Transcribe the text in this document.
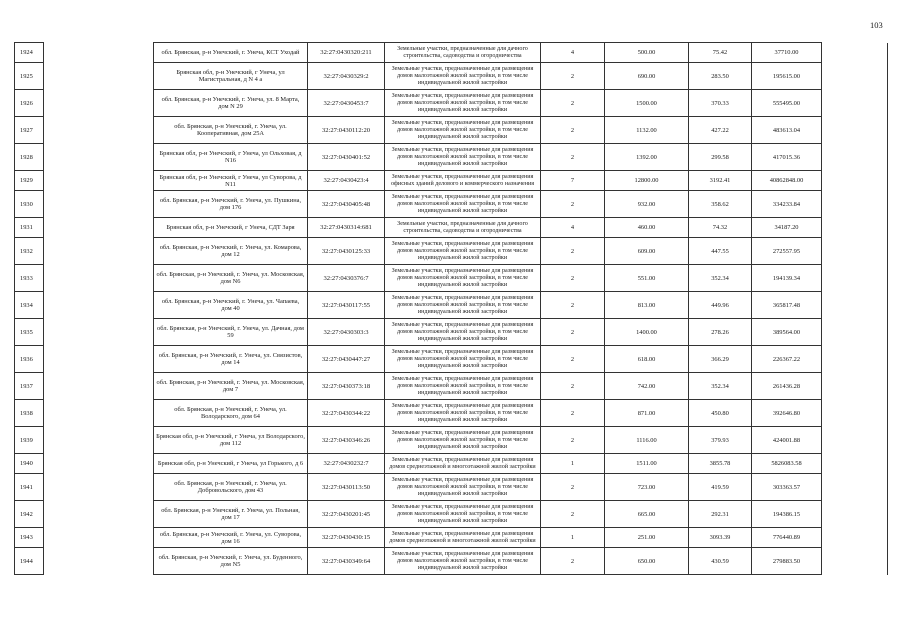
103
1924		обл. Брянская, р-н Унечский, г. Унеча, КСТ Уходай	32:27:0430320:211	Земельные участки, предназначенные для дачного строительства, садоводства и огородничества	4	500.00	75.42	37710.00	
1925		Брянская обл, р-н Унечский, г Унеча, ул Магистральная, д N 4 а	32:27:0430329:2	Земельные участки, предназначенные для размещения домов малоэтажной жилой застройки, в том числе индивидуальной жилой застройки	2	690.00	283.50	195615.00	
1926		обл. Брянская, р-н Унечский, г. Унеча, ул. 8 Марта, дом N 29	32:27:0430453:7	Земельные участки, предназначенные для размещения домов малоэтажной жилой застройки, в том числе индивидуальной жилой застройки	2	1500.00	370.33	555495.00	
1927		обл. Брянская, р-н Унечский, г. Унеча, ул. Кооперативная, дом 25А	32:27:0430112:20	Земельные участки, предназначенные для размещения домов малоэтажной жилой застройки, в том числе индивидуальной жилой застройки	2	1132.00	427.22	483613.04	
1928		Брянская обл, р-н Унечский, г Унеча, ул Ольховая, д N16	32:27:0430401:52	Земельные участки, предназначенные для размещения домов малоэтажной жилой застройки, в том числе индивидуальной жилой застройки	2	1392.00	299.58	417015.36	
1929		Брянская обл, р-н Унечский, г Унеча, ул Суворова, д N11	32:27:0430423:4	Земельные участки, предназначенные для размещения офисных зданий делового и коммерческого назначения	7	12800.00	3192.41	40862848.00	
1930		обл. Брянская, р-н Унечский, г. Унеча, ул. Пушкина, дом 176	32:27:0430405:48	Земельные участки, предназначенные для размещения домов малоэтажной жилой застройки, в том числе индивидуальной жилой застройки	2	932.00	358.62	334233.84	
1931		Брянская обл, р-н Унечский, г Унеча, СДТ Заря	32:27:0430314:681	Земельные участки, предназначенные для дачного строительства, садоводства и огородничества	4	460.00	74.32	34187.20	
1932		обл. Брянская, р-н Унечский, г. Унеча, ул. Комарова, дом 12	32:27:0430125:33	Земельные участки, предназначенные для размещения домов малоэтажной жилой застройки, в том числе индивидуальной жилой застройки	2	609.00	447.55	272557.95	
1933		обл. Брянская, р-н Унечский, г. Унеча, ул. Московская, дом N6	32:27:0430376:7	Земельные участки, предназначенные для размещения домов малоэтажной жилой застройки, в том числе индивидуальной жилой застройки	2	551.00	352.34	194139.34	
1934		обл. Брянская, р-н Унечский, г. Унеча, ул. Чапаева, дом 40	32:27:0430117:55	Земельные участки, предназначенные для размещения домов малоэтажной жилой застройки, в том числе индивидуальной жилой застройки	2	813.00	449.96	365817.48	
1935		обл. Брянская, р-н Унечский, г. Унеча, ул. Дачная, дом 59	32:27:0430303:3	Земельные участки, предназначенные для размещения домов малоэтажной жилой застройки, в том числе индивидуальной жилой застройки	2	1400.00	278.26	389564.00	
1936		обл. Брянская, р-н Унечский, г. Унеча, ул. Связистов, дом 14	32:27:0430447:27	Земельные участки, предназначенные для размещения домов малоэтажной жилой застройки, в том числе индивидуальной жилой застройки	2	618.00	366.29	226367.22	
1937		обл. Брянская, р-н Унечский, г. Унеча, ул. Московская, дом 7	32:27:0430373:18	Земельные участки, предназначенные для размещения домов малоэтажной жилой застройки, в том числе индивидуальной жилой застройки	2	742.00	352.34	261436.28	
1938		обл. Брянская, р-н Унечский, г. Унеча, ул. Володарского, дом 64	32:27:0430344:22	Земельные участки, предназначенные для размещения домов малоэтажной жилой застройки, в том числе индивидуальной жилой застройки	2	871.00	450.80	392646.80	
1939		Брянская обл, р-н Унечский, г Унеча, ул Володарского, дом 112	32:27:0430346:26	Земельные участки, предназначенные для размещения домов малоэтажной жилой застройки, в том числе индивидуальной жилой застройки	2	1116.00	379.93	424001.88	
1940		Брянская обл, р-н Унечский, г Унеча, ул Горького, д 6	32:27:0430232:7	Земельные участки, предназначенные для размещения домов среднеэтажной и многоэтажной жилой застройки	1	1511.00	3855.78	5826083.58	
1941		обл. Брянская, р-н Унечский, г. Унеча, ул. Добровольского, дом 43	32:27:0430113:50	Земельные участки, предназначенные для размещения домов малоэтажной жилой застройки, в том числе индивидуальной жилой застройки	2	723.00	419.59	303363.57	
1942		обл. Брянская, р-н Унечский, г. Унеча, ул. Польная, дом 17	32:27:0430201:45	Земельные участки, предназначенные для размещения домов малоэтажной жилой застройки, в том числе индивидуальной жилой застройки	2	665.00	292.31	194386.15	
1943		обл. Брянская, р-н Унечский, г. Унеча, ул. Суворова, дом 16	32:27:0430430:15	Земельные участки, предназначенные для размещения домов среднеэтажной и многоэтажной жилой застройки	1	251.00	3093.39	776440.89	
1944		обл. Брянская, р-н Унечский, г. Унеча, ул. Буденного, дом N5	32:27:0430349:64	Земельные участки, предназначенные для размещения домов малоэтажной жилой застройки, в том числе индивидуальной жилой застройки	2	650.00	430.59	279883.50	
